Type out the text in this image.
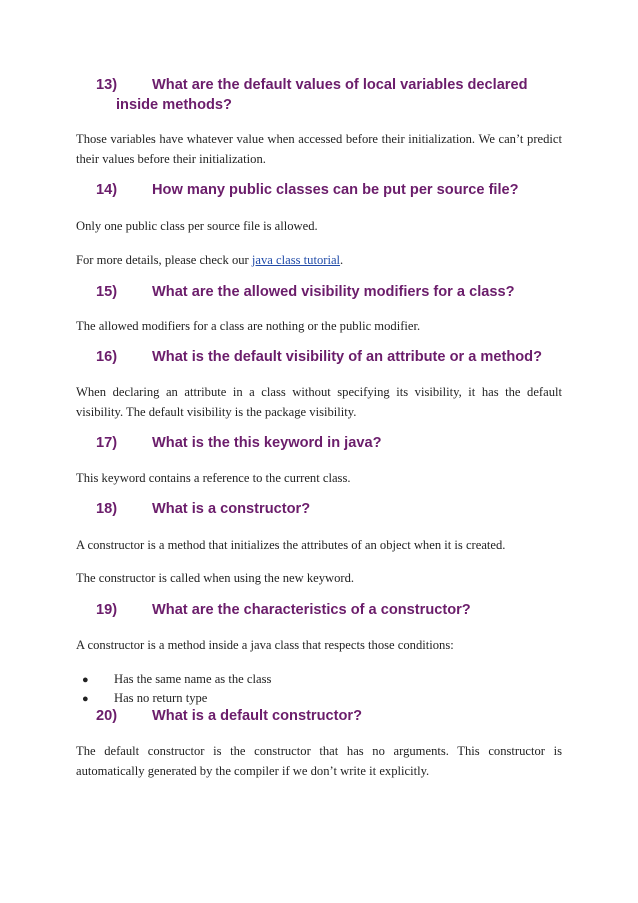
13) What are the default values of local variables declared
inside methods?

Those variables have whatever value when accessed before their initialization. We can’t predict their values before their initialization.

14) How many public classes can be put per source file?

Only one public class per source file is allowed.

For more details, please check our java class tutorial.

15) What are the allowed visibility modifiers for a class?

The allowed modifiers for a class are nothing or the public modifier.

16) What is the default visibility of an attribute or a method?

When declaring an attribute in a class without specifying its visibility, it has the default visibility. The default visibility is the package visibility.

17) What is the this keyword in java?

This keyword contains a reference to the current class.

18) What is a constructor?

A constructor is a method that initializes the attributes of an object when it is created.

The constructor is called when using the new keyword.

19) What are the characteristics of a constructor?

A constructor is a method inside a java class that respects those conditions:

● Has the same name as the class
● Has no return type
20) What is a default constructor?

The default constructor is the constructor that has no arguments. This constructor is automatically generated by the compiler if we don’t write it explicitly.
